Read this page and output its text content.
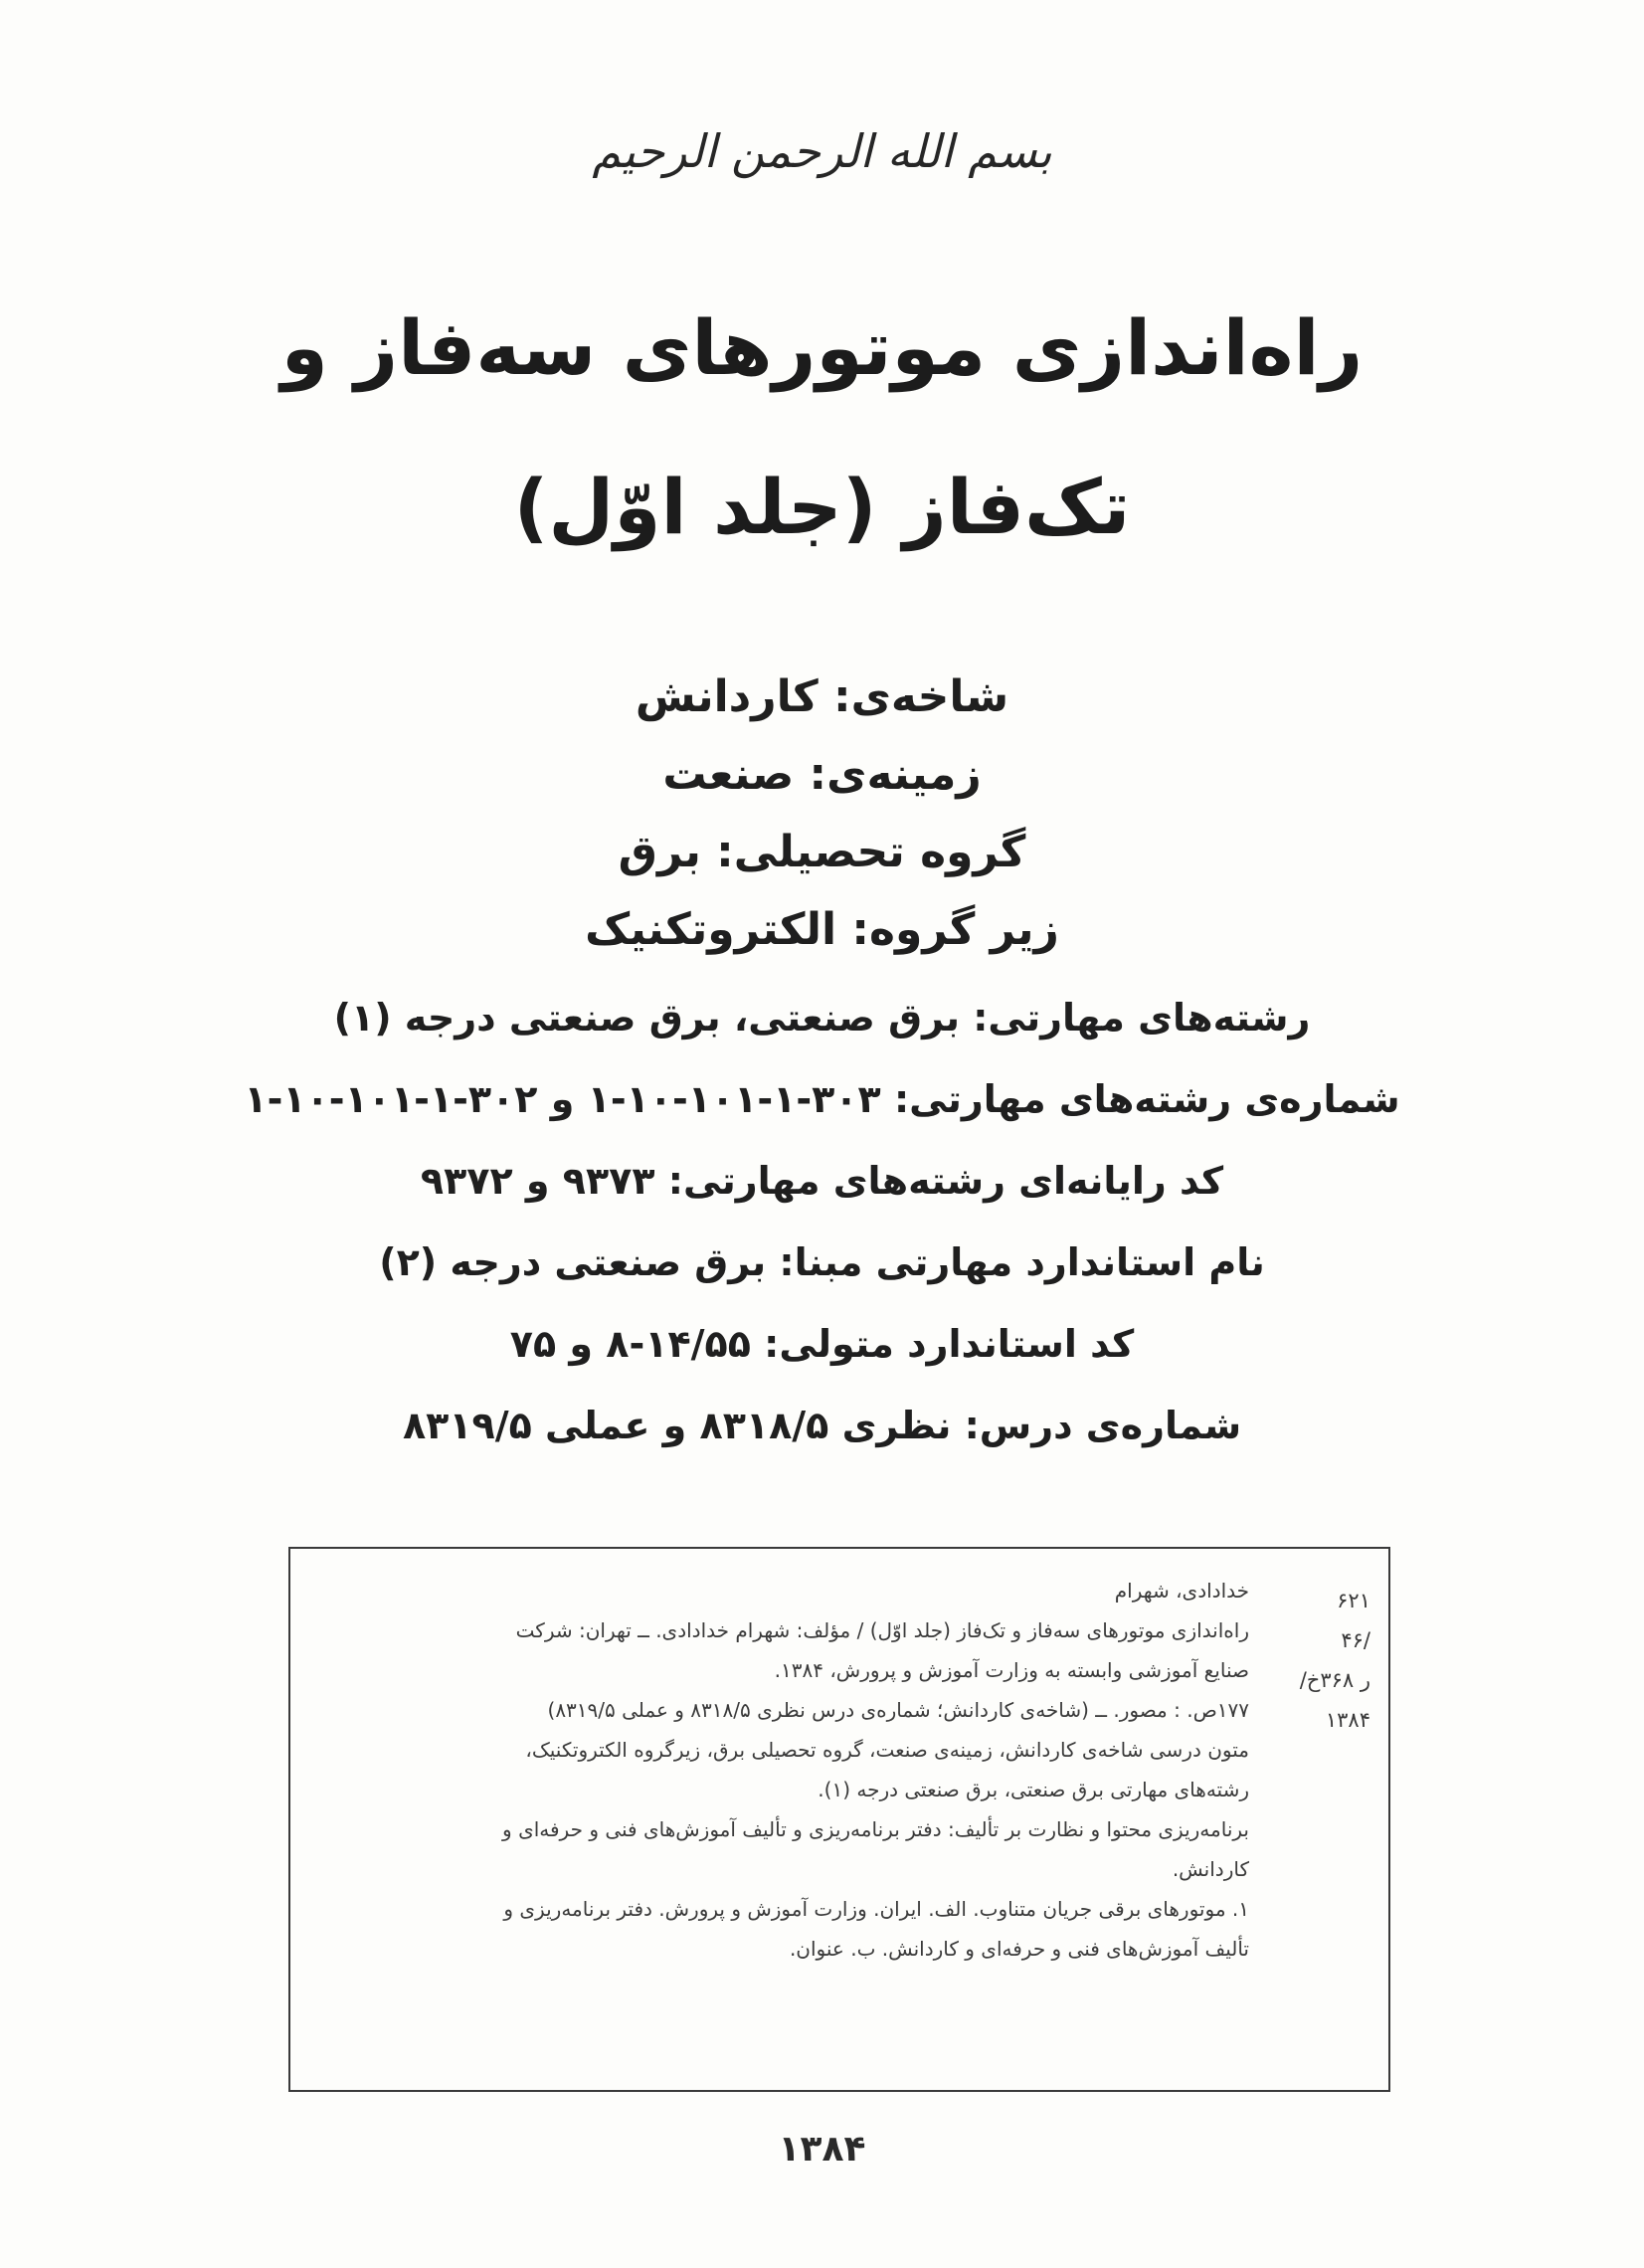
بسم الله الرحمن الرحيم
راه‌اندازی موتورهای سه‌فاز و
تک‌فاز (جلد اوّل)
شاخه‌ی: کاردانش
زمینه‌ی: صنعت
گروه تحصیلی: برق
زیر گروه: الکتروتکنیک
رشته‌های مهارتی: برق صنعتی، برق صنعتی درجه (۱)
شماره‌ی رشته‌های مهارتی: ۳۰۳-۱-۱۰۱-۱۰-۱ و ۳۰۲-۱-۱۰۱-۱۰-۱
کد رایانه‌ای رشته‌های مهارتی: ۹۳۷۳ و ۹۳۷۲
نام استاندارد مهارتی مبنا: برق صنعتی درجه (۲)
کد استاندارد متولی: ۱۴/۵۵-۸ و ۷۵
شماره‌ی درس: نظری ۸۳۱۸/۵ و عملی ۸۳۱۹/۵
۶۲۱
/۴۶
ر ۳۶۸خ/
۱۳۸۴

خدادادی، شهرام

راه‌اندازی موتورهای سه‌فاز و تک‌فاز (جلد اوّل) / مؤلف: شهرام خدادادی. ــ تهران: شرکت

صنایع آموزشی وابسته به وزارت آموزش و پرورش، ۱۳۸۴.

۱۷۷ص. : مصور. ــ (شاخه‌ی کاردانش؛ شماره‌ی درس نظری ۸۳۱۸/۵ و عملی ۸۳۱۹/۵)

متون درسی شاخه‌ی کاردانش، زمینه‌ی صنعت، گروه تحصیلی برق، زیرگروه الکتروتکنیک،

رشته‌های مهارتی برق صنعتی، برق صنعتی درجه (۱).

برنامه‌ریزی محتوا و نظارت بر تألیف: دفتر برنامه‌ریزی و تألیف آموزش‌های فنی و حرفه‌ای و

کاردانش.

۱. موتورهای برقی جریان متناوب. الف. ایران. وزارت آموزش و پرورش. دفتر برنامه‌ریزی و

تألیف آموزش‌های فنی و حرفه‌ای و کاردانش. ب. عنوان.

۱۳۸۴
